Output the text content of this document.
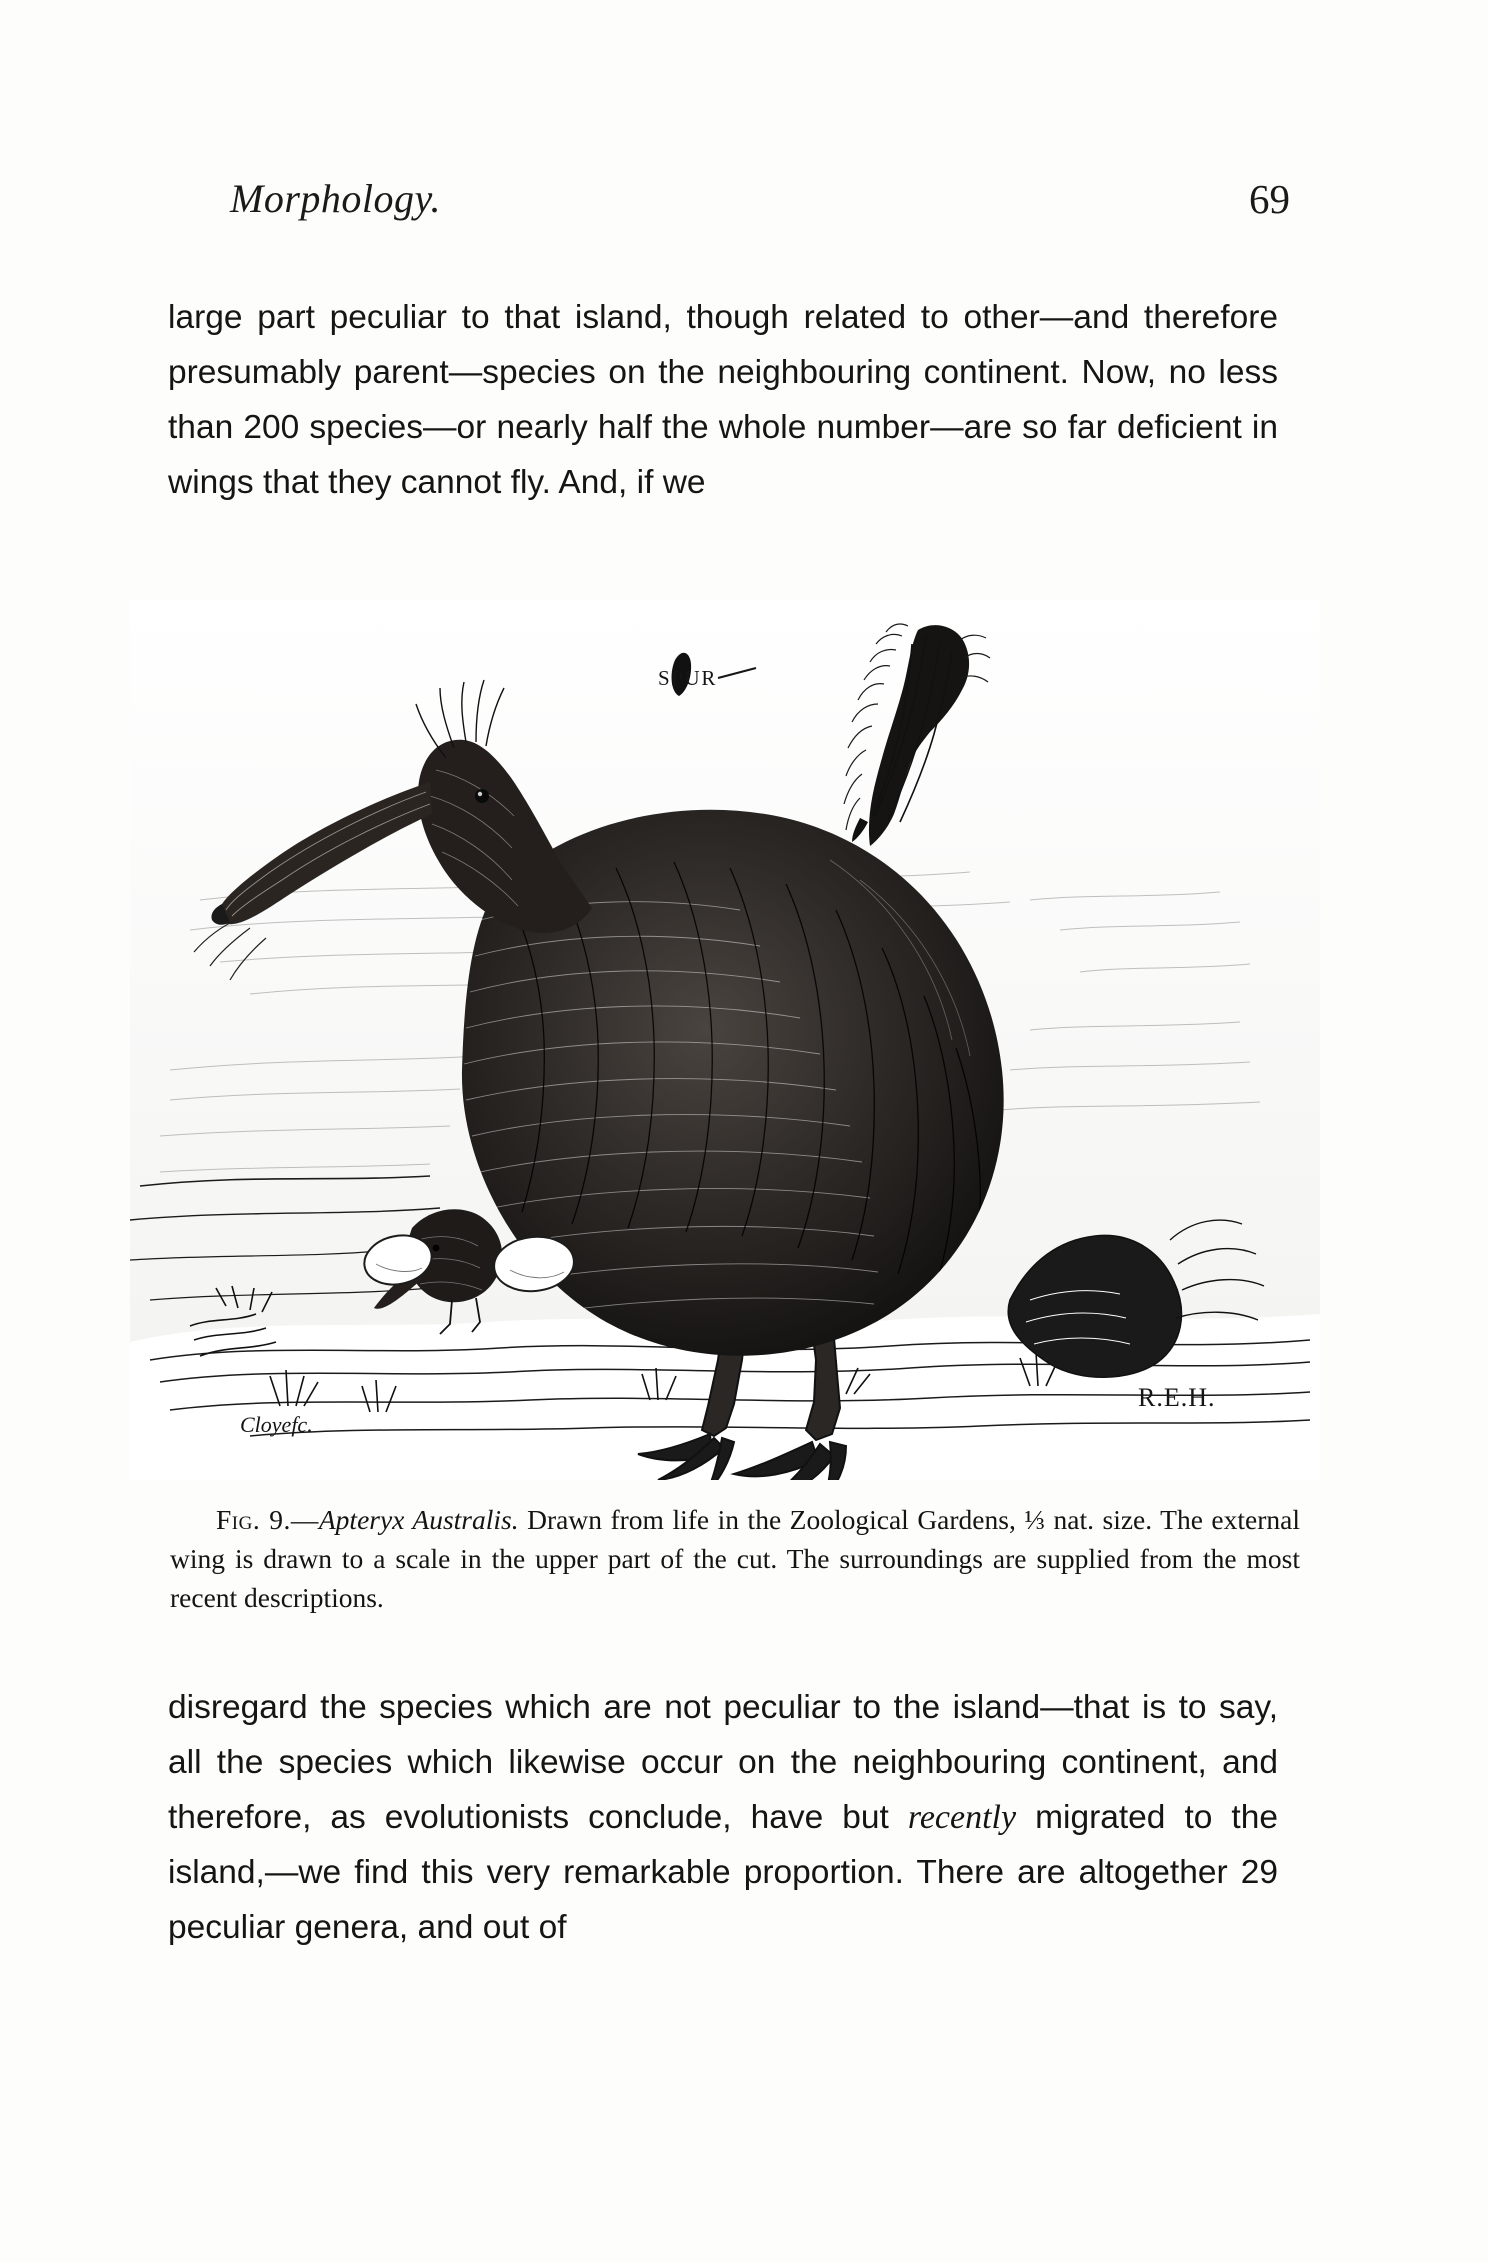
Morphology.	69

large part peculiar to that island, though related to other—and therefore presumably parent—species on the neighbouring continent. Now, no less than 200 species—or nearly half the whole number—are so far deficient in wings that they cannot fly. And, if we

SPUR
Cloyefc.
R.E.H.
Fig. 9.—Apteryx Australis. Drawn from life in the Zoological Gardens, ⅓ nat. size. The external wing is drawn to a scale in the upper part of the cut. The surroundings are supplied from the most recent descriptions.

disregard the species which are not peculiar to the island—that is to say, all the species which likewise occur on the neighbouring continent, and therefore, as evolutionists conclude, have but recently migrated to the island,—we find this very remarkable proportion. There are altogether 29 peculiar genera, and out of
